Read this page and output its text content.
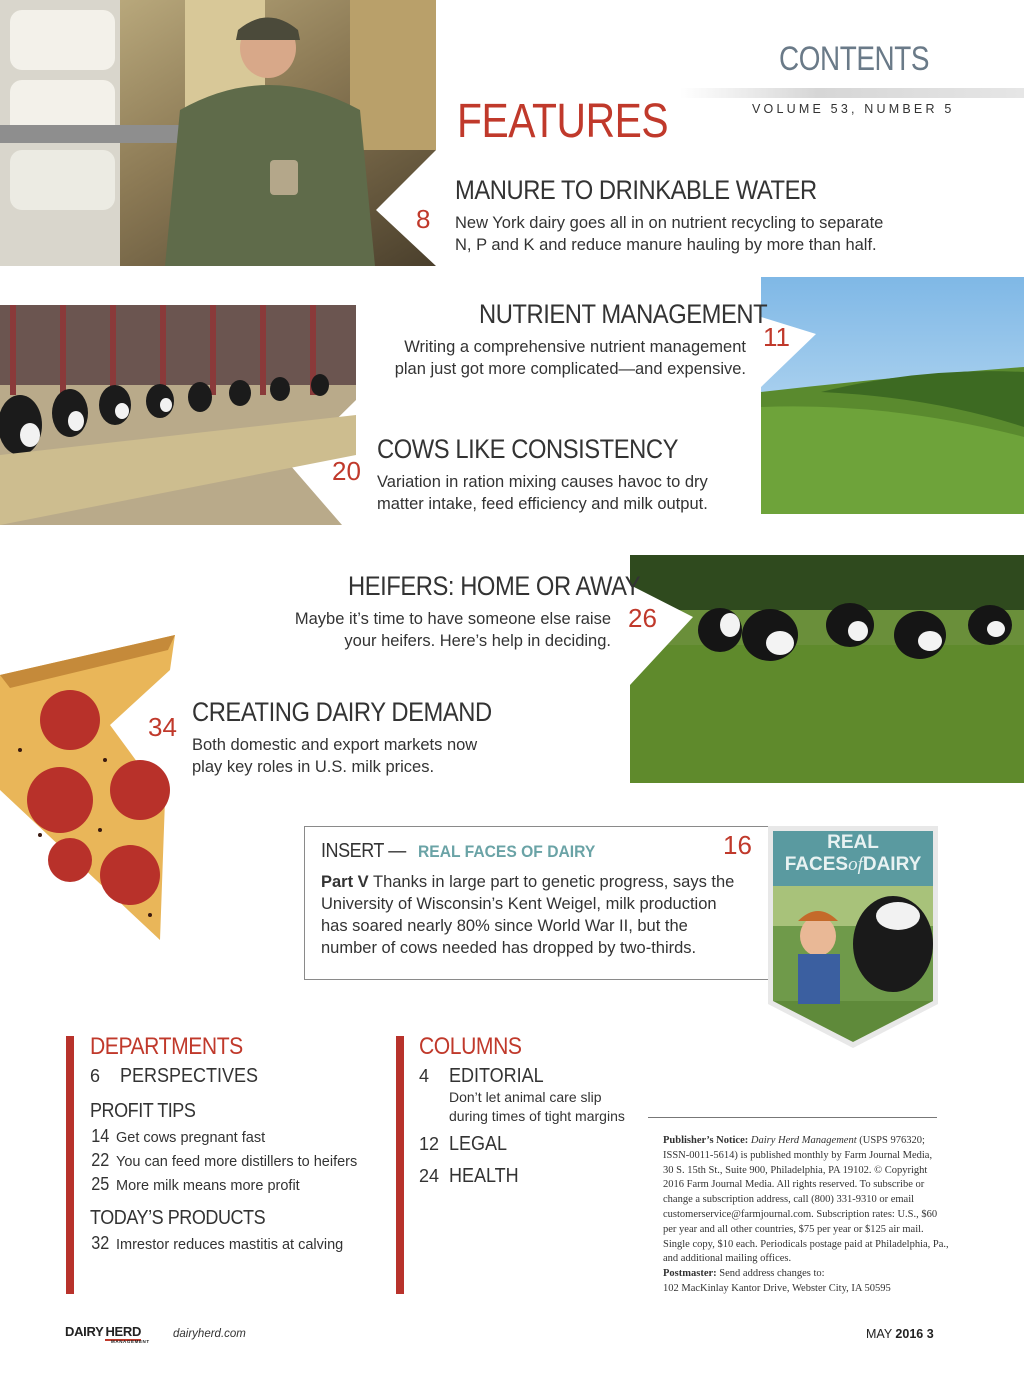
CONTENTS
VOLUME 53, NUMBER 5
FEATURES
8
MANURE TO DRINKABLE WATER
New York dairy goes all in on nutrient recycling to separate
N, P and K and reduce manure hauling by more than half.
NUTRIENT MANAGEMENT
Writing a comprehensive nutrient management
plan just got more complicated—and expensive.
11
20
COWS LIKE CONSISTENCY
Variation in ration mixing causes havoc to dry
matter intake, feed efficiency and milk output.
HEIFERS: HOME OR AWAY
Maybe it’s time to have someone else raise
your heifers. Here’s help in deciding.
26
34 CREATING DAIRY DEMAND
Both domestic and export markets now
play key roles in U.S. milk prices.
INSERT — REAL FACES OF DAIRY	16
Part V Thanks in large part to genetic progress, says the
University of Wisconsin’s Kent Weigel, milk production
has soared nearly 80% since World War II, but the
number of cows needed has dropped by two-thirds.
REAL
FACESofDAIRY
DEPARTMENTS
6 PERSPECTIVES
PROFIT TIPS
14 Get cows pregnant fast
22 You can feed more distillers to heifers
25 More milk means more profit
TODAY’S PRODUCTS
32 Imrestor reduces mastitis at calving
COLUMNS
4 EDITORIAL
Don’t let animal care slip
during times of tight margins
12 LEGAL
24 HEALTH
Publisher’s Notice: Dairy Herd Management (USPS 976320;
ISSN-0011-5614) is published monthly by Farm Journal Media,
30 S. 15th St., Suite 900, Philadelphia, PA 19102. © Copyright
2016 Farm Journal Media. All rights reserved. To subscribe or
change a subscription address, call (800) 331-9310 or email
customerservice@farmjournal.com. Subscription rates: U.S., $60
per year and all other countries, $75 per year or $125 air mail.
Single copy, $10 each. Periodicals postage paid at Philadelphia, Pa.,
and additional mailing offices.
Postmaster: Send address changes to:
102 MacKinlay Kantor Drive, Webster City, IA 50595
DAIRY HERD
MANAGEMENT
dairyherd.com	MAY 2016 3
